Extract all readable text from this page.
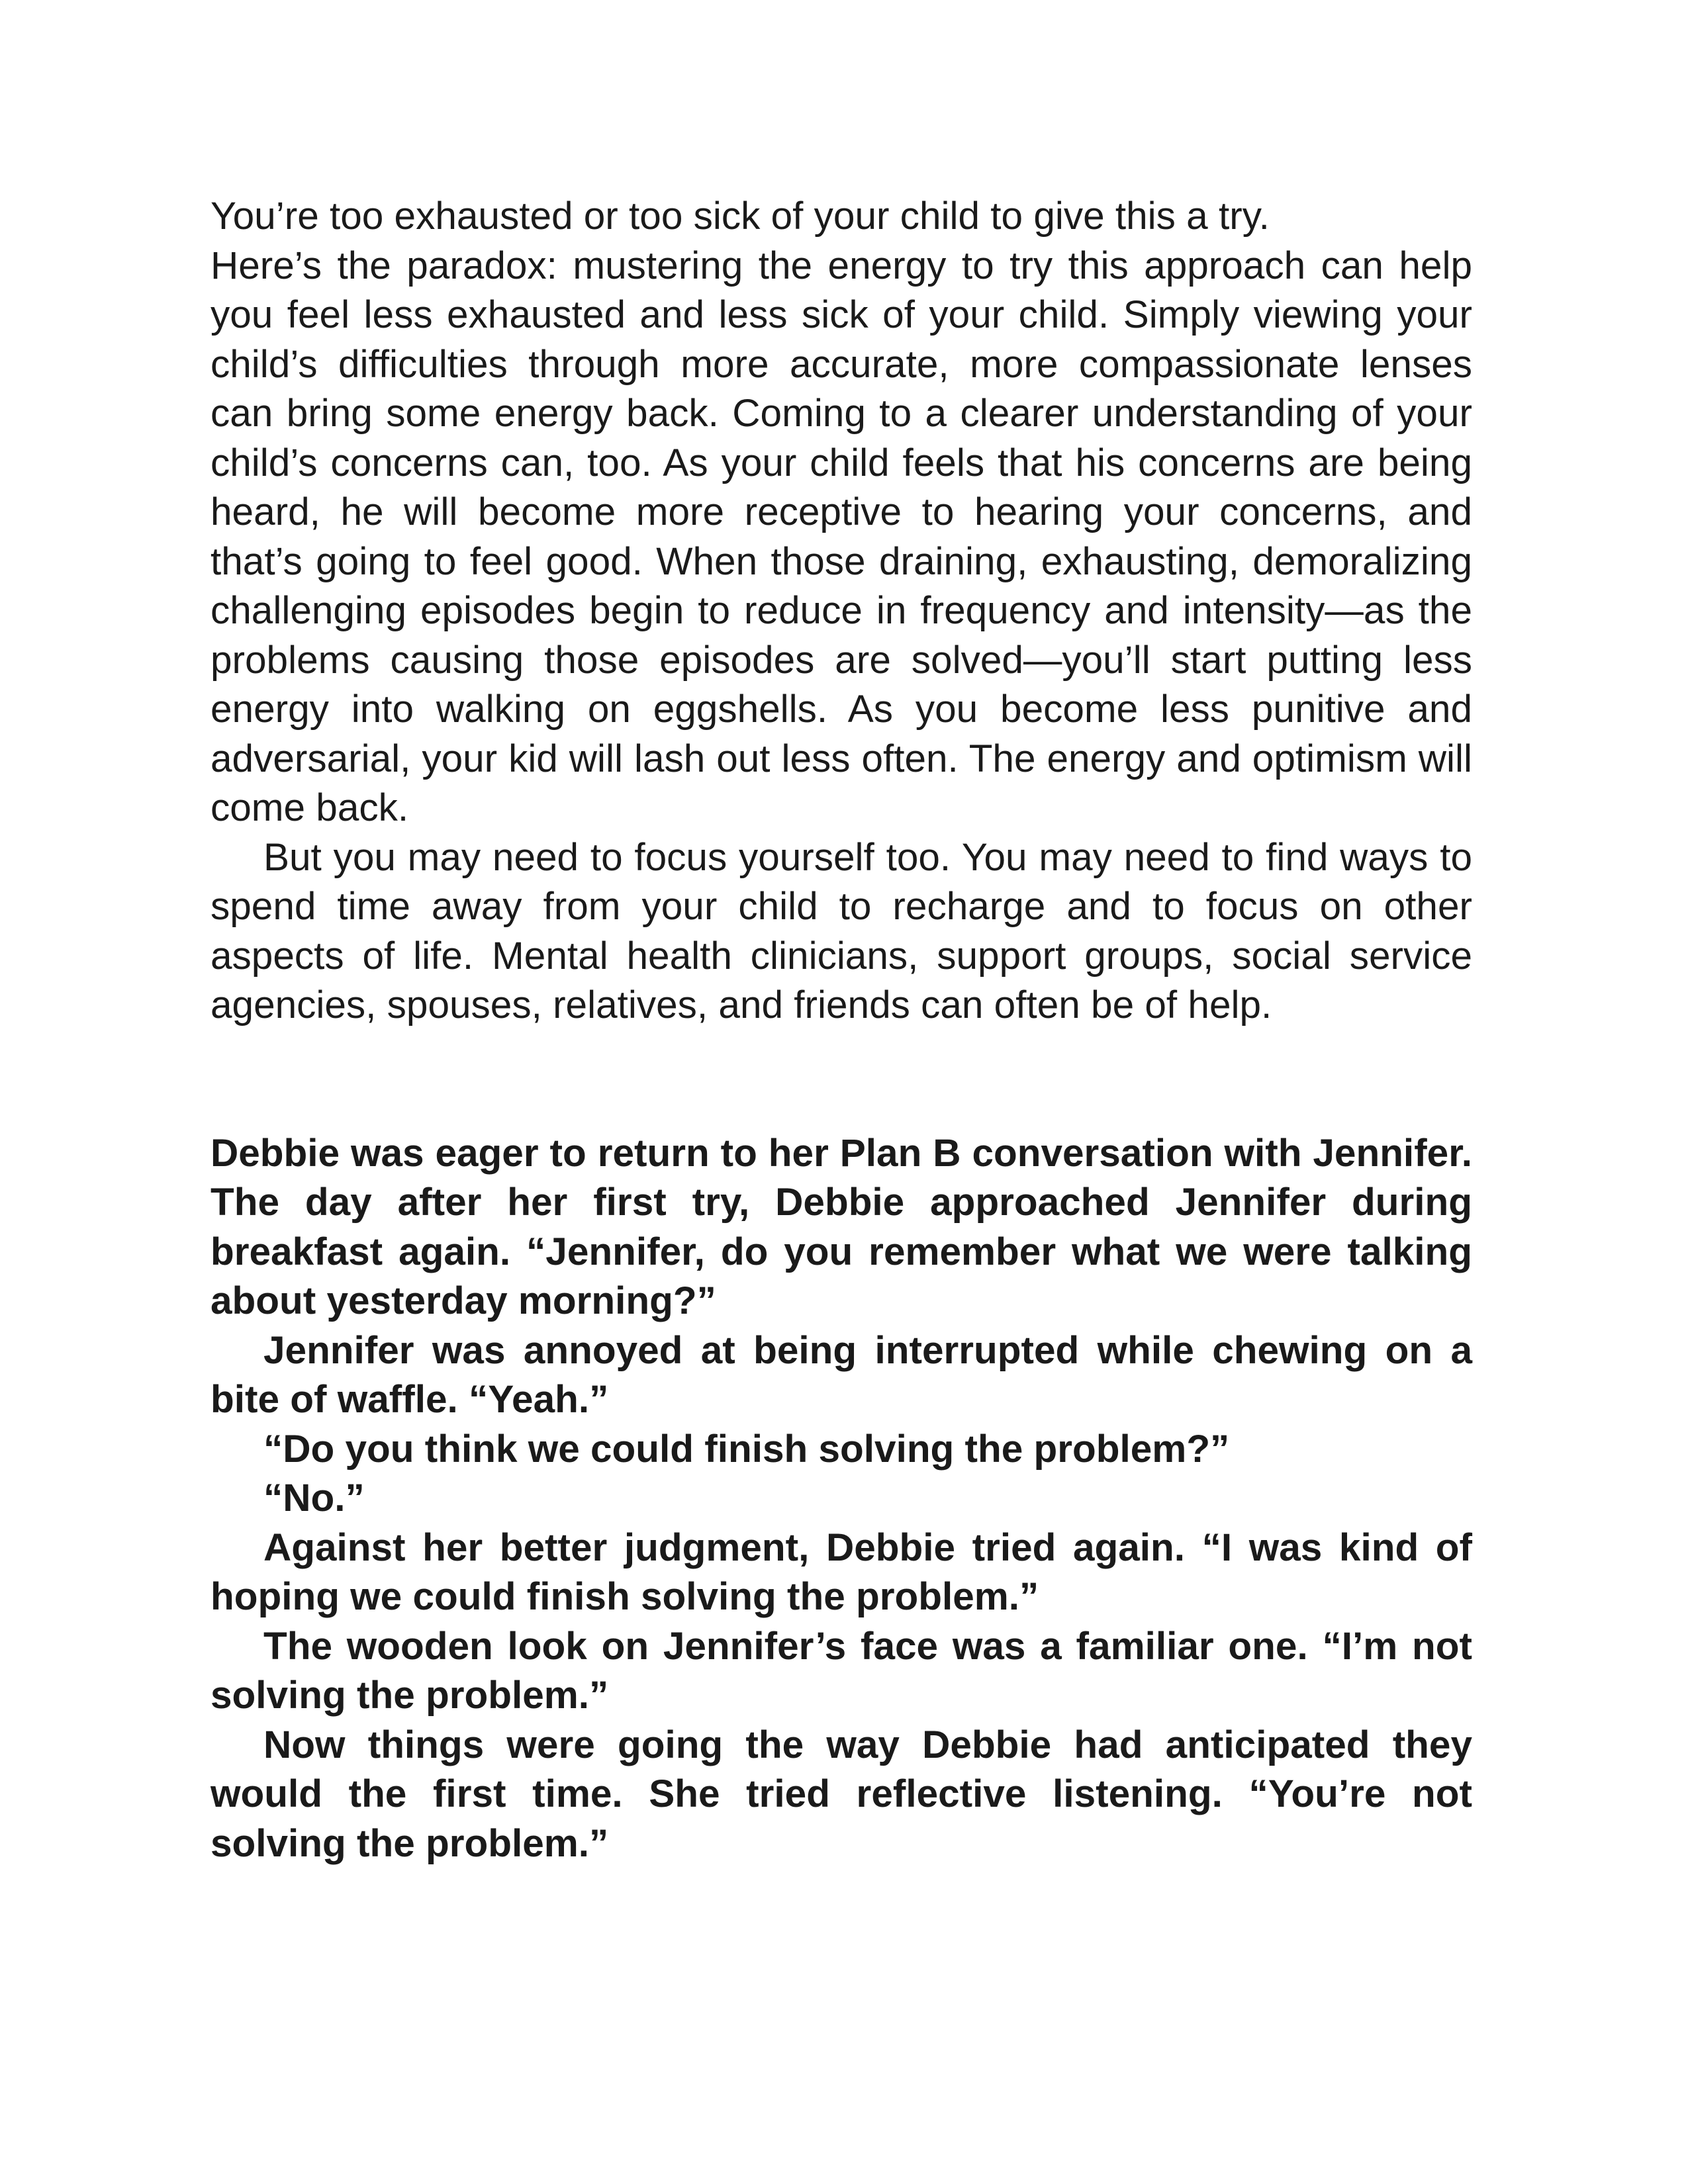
You’re too exhausted or too sick of your child to give this a try.

Here’s the paradox: mustering the energy to try this approach can help you feel less exhausted and less sick of your child. Simply viewing your child’s difficulties through more accurate, more compassionate lenses can bring some energy back. Coming to a clearer understanding of your child’s concerns can, too. As your child feels that his concerns are being heard, he will become more receptive to hearing your concerns, and that’s going to feel good. When those draining, exhausting, demoralizing challenging episodes begin to reduce in frequency and intensity—as the problems causing those episodes are solved—you’ll start putting less energy into walking on eggshells. As you become less punitive and adversarial, your kid will lash out less often. The energy and optimism will come back.

But you may need to focus yourself too. You may need to find ways to spend time away from your child to recharge and to focus on other aspects of life. Mental health clinicians, support groups, social service agencies, spouses, relatives, and friends can often be of help.

Debbie was eager to return to her Plan B conversation with Jennifer. The day after her first try, Debbie approached Jennifer during breakfast again. “Jennifer, do you remember what we were talking about yesterday morning?”

Jennifer was annoyed at being interrupted while chewing on a bite of waffle. “Yeah.”

“Do you think we could finish solving the problem?”

“No.”

Against her better judgment, Debbie tried again. “I was kind of hoping we could finish solving the problem.”

The wooden look on Jennifer’s face was a familiar one. “I’m not solving the problem.”

Now things were going the way Debbie had anticipated they would the first time. She tried reflective listening. “You’re not solving the problem.”
